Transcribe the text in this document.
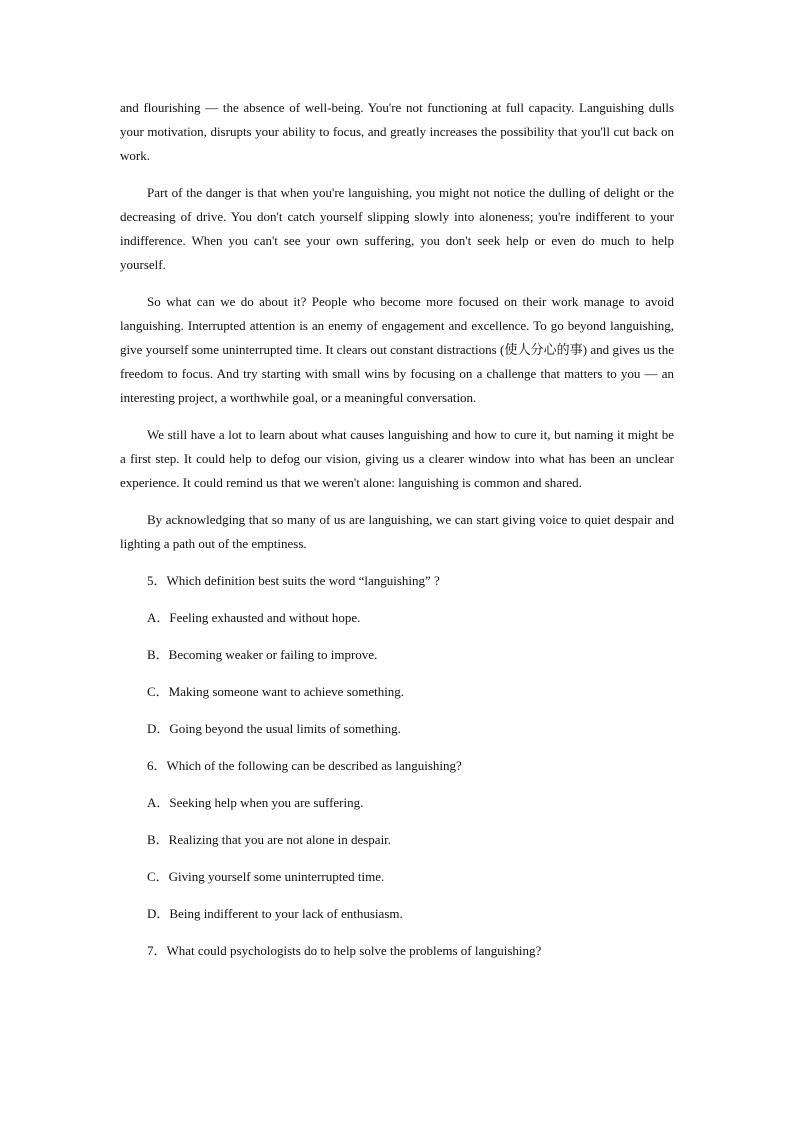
and flourishing — the absence of well-being. You're not functioning at full capacity. Languishing dulls your motivation, disrupts your ability to focus, and greatly increases the possibility that you'll cut back on work.

Part of the danger is that when you're languishing, you might not notice the dulling of delight or the decreasing of drive. You don't catch yourself slipping slowly into aloneness; you're indifferent to your indifference. When you can't see your own suffering, you don't seek help or even do much to help yourself.

So what can we do about it? People who become more focused on their work manage to avoid languishing. Interrupted attention is an enemy of engagement and excellence. To go beyond languishing, give yourself some uninterrupted time. It clears out constant distractions (使人分心的事) and gives us the freedom to focus. And try starting with small wins by focusing on a challenge that matters to you — an interesting project, a worthwhile goal, or a meaningful conversation.

We still have a lot to learn about what causes languishing and how to cure it, but naming it might be a first step. It could help to defog our vision, giving us a clearer window into what has been an unclear experience. It could remind us that we weren't alone: languishing is common and shared.

By acknowledging that so many of us are languishing, we can start giving voice to quiet despair and lighting a path out of the emptiness.

5．Which definition best suits the word “languishing” ?

A．Feeling exhausted and without hope.

B．Becoming weaker or failing to improve.

C．Making someone want to achieve something.

D．Going beyond the usual limits of something.

6．Which of the following can be described as languishing?

A．Seeking help when you are suffering.

B．Realizing that you are not alone in despair.

C．Giving yourself some uninterrupted time.

D．Being indifferent to your lack of enthusiasm.

7．What could psychologists do to help solve the problems of languishing?
